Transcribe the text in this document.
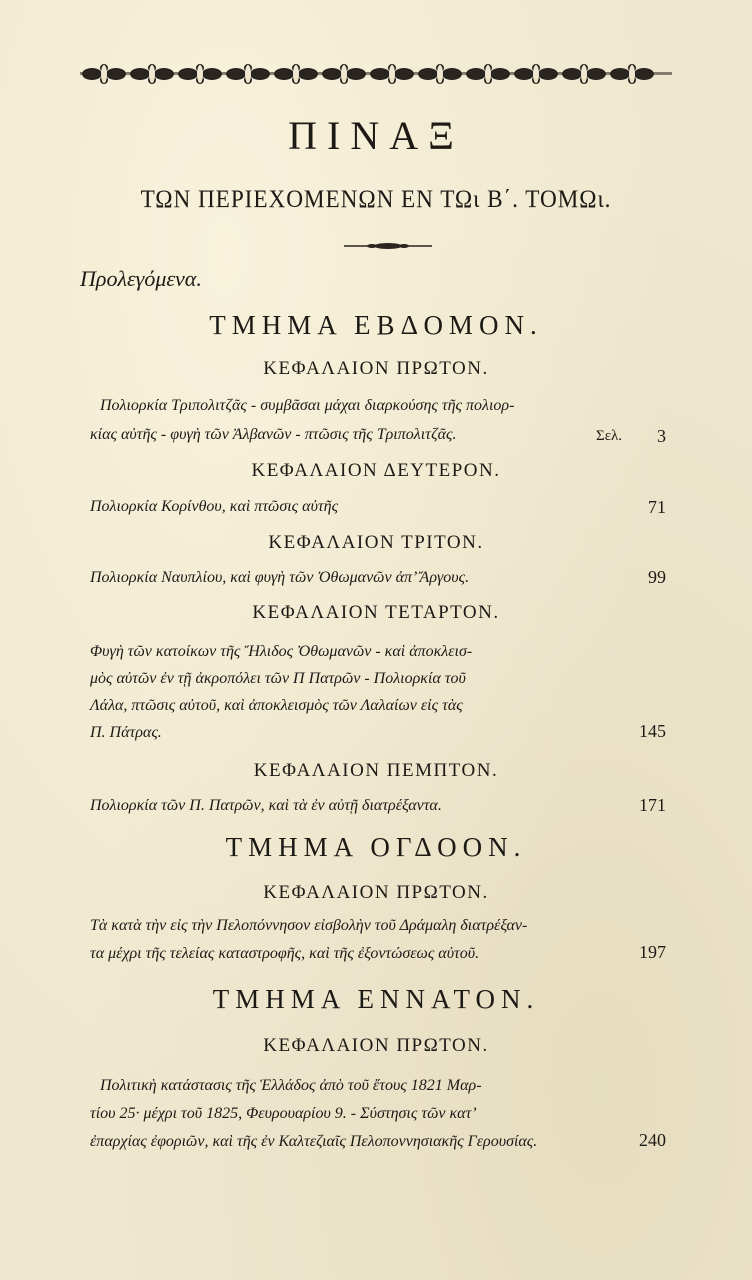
ΠΙΝΑΞ
ΤΩΝ ΠΕΡΙΕΧΟΜΕΝΩΝ ΕΝ ΤΩι Β΄. ΤΟΜΩι.
Προλεγόμενα.
ΤΜΗΜΑ ΕΒΔΟΜΟΝ.
ΚΕΦΑΛΑΙΟΝ ΠΡΩΤΟΝ.
Πολιορκία Τριπολιτζᾶς - συμβᾶσαι μάχαι διαρκούσης τῆς πολιορ-
κίας αὐτῆς - φυγὴ τῶν Ἀλβανῶν - πτῶσις τῆς Τριπολιτζᾶς.	Σελ.	3
ΚΕΦΑΛΑΙΟΝ ΔΕΥΤΕΡΟΝ.
Πολιορκία Κορίνθου, καὶ πτῶσις αὐτῆς	71
ΚΕΦΑΛΑΙΟΝ ΤΡΙΤΟΝ.
Πολιορκία Ναυπλίου, καὶ φυγὴ τῶν Ὀθωμανῶν ἀπ’ Ἄργους.	99
ΚΕΦΑΛΑΙΟΝ ΤΕΤΑΡΤΟΝ.
Φυγὴ τῶν κατοίκων τῆς Ἤλιδος Ὀθωμανῶν - καὶ ἀποκλεισ-
μὸς αὐτῶν ἐν τῇ ἀκροπόλει τῶν Π Πατρῶν - Πολιορκία τοῦ
Λάλα, πτῶσις αὐτοῦ, καὶ ἀποκλεισμὸς τῶν Λαλαίων εἰς τὰς
Π. Πάτρας.	145
ΚΕΦΑΛΑΙΟΝ ΠΕΜΠΤΟΝ.
Πολιορκία τῶν Π. Πατρῶν, καὶ τὰ ἐν αὐτῇ διατρέξαντα.	171
ΤΜΗΜΑ ΟΓΔΟΟΝ.
ΚΕΦΑΛΑΙΟΝ ΠΡΩΤΟΝ.
Τὰ κατὰ τὴν εἰς τὴν Πελοπόννησον εἰσβολὴν τοῦ Δράμαλη διατρέξαν-
τα μέχρι τῆς τελείας καταστροφῆς, καὶ τῆς ἐξοντώσεως αὐτοῦ.	197
ΤΜΗΜΑ ΕΝΝΑΤΟΝ.
ΚΕΦΑΛΑΙΟΝ ΠΡΩΤΟΝ.
Πολιτικὴ κατάστασις τῆς Ἑλλάδος ἀπὸ τοῦ ἔτους 1821 Μαρ-
τίου 25· μέχρι τοῦ 1825, Φευρουαρίου 9. - Σύστησις τῶν κατ’
ἐπαρχίας ἐφοριῶν, καὶ τῆς ἐν Καλτεζιαῖς Πελοποννησιακῆς Γερουσίας.	240
